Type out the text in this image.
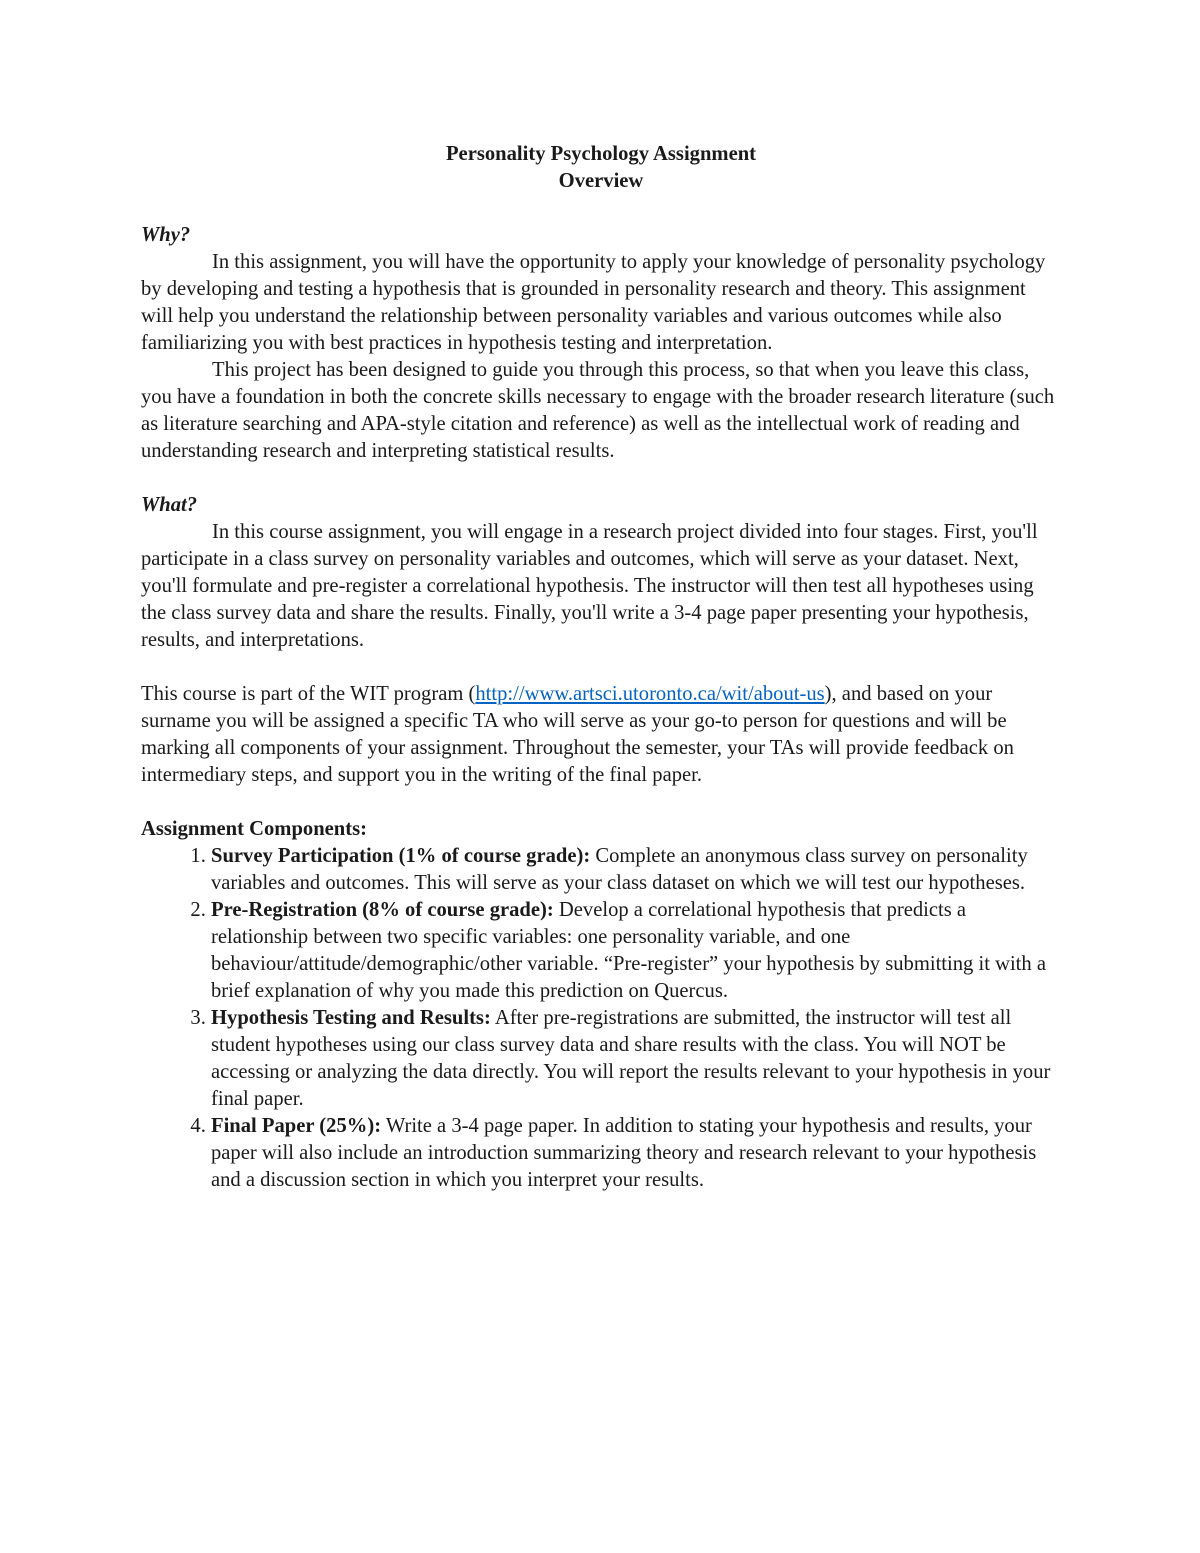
Personality Psychology Assignment
Overview

Why?

In this assignment, you will have the opportunity to apply your knowledge of personality psychology by developing and testing a hypothesis that is grounded in personality research and theory. This assignment will help you understand the relationship between personality variables and various outcomes while also familiarizing you with best practices in hypothesis testing and interpretation.

This project has been designed to guide you through this process, so that when you leave this class, you have a foundation in both the concrete skills necessary to engage with the broader research literature (such as literature searching and APA-style citation and reference) as well as the intellectual work of reading and understanding research and interpreting statistical results.

What?

In this course assignment, you will engage in a research project divided into four stages. First, you'll participate in a class survey on personality variables and outcomes, which will serve as your dataset. Next, you'll formulate and pre-register a correlational hypothesis. The instructor will then test all hypotheses using the class survey data and share the results. Finally, you'll write a 3-4 page paper presenting your hypothesis, results, and interpretations.

This course is part of the WIT program (http://www.artsci.utoronto.ca/wit/about-us), and based on your surname you will be assigned a specific TA who will serve as your go-to person for questions and will be marking all components of your assignment. Throughout the semester, your TAs will provide feedback on intermediary steps, and support you in the writing of the final paper.

Assignment Components:

1. Survey Participation (1% of course grade): Complete an anonymous class survey on personality variables and outcomes. This will serve as your class dataset on which we will test our hypotheses.
2. Pre-Registration (8% of course grade): Develop a correlational hypothesis that predicts a relationship between two specific variables: one personality variable, and one behaviour/attitude/demographic/other variable. “Pre-register” your hypothesis by submitting it with a brief explanation of why you made this prediction on Quercus.
3. Hypothesis Testing and Results: After pre-registrations are submitted, the instructor will test all student hypotheses using our class survey data and share results with the class. You will NOT be accessing or analyzing the data directly. You will report the results relevant to your hypothesis in your final paper.
4. Final Paper (25%): Write a 3-4 page paper. In addition to stating your hypothesis and results, your paper will also include an introduction summarizing theory and research relevant to your hypothesis and a discussion section in which you interpret your results.
